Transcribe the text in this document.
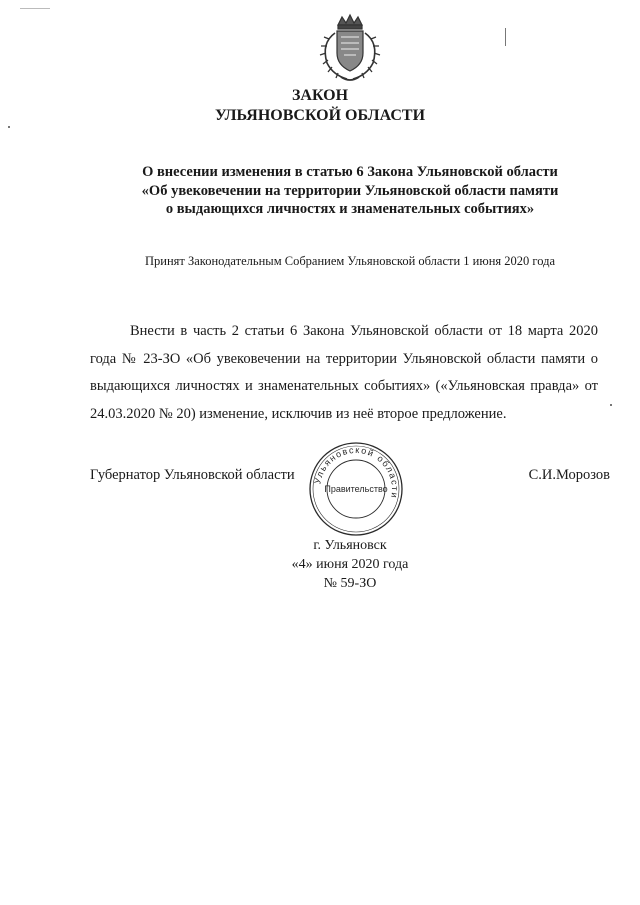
ЗАКОН
УЛЬЯНОВСКОЙ ОБЛАСТИ
О внесении изменения в статью 6 Закона Ульяновской области
«Об увековечении на территории Ульяновской области памяти
о выдающихся личностях и знаменательных событиях»
Принят Законодательным Собранием Ульяновской области 1 июня 2020 года
Внести в часть 2 статьи 6 Закона Ульяновской области от 18 марта 2020 года № 23-ЗО «Об увековечении на территории Ульяновской области памяти о выдающихся личностях и знаменательных событиях» («Ульяновская правда» от 24.03.2020 № 20) изменение, исключив из неё второе предложение.
Губернатор Ульяновской области Ульяновской области
Правительство
С.И.Морозов
г. Ульяновск
«4» июня 2020 года
№ 59-ЗО
